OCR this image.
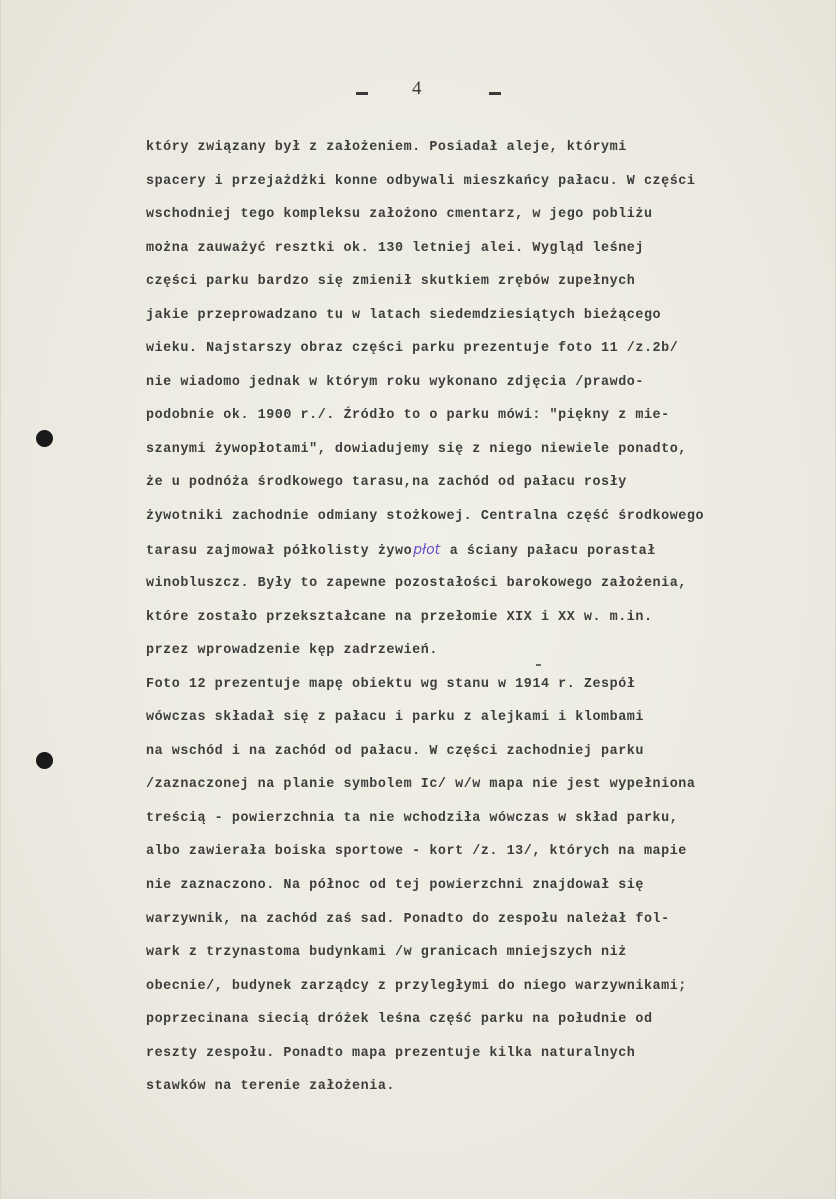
4
który związany był z założeniem. Posiadał aleje, którymi
spacery i przejażdżki konne odbywali mieszkańcy pałacu. W części
wschodniej tego kompleksu założono cmentarz, w jego pobliżu
można zauważyć resztki ok. 130 letniej alei. Wygląd leśnej
części parku bardzo się zmienił skutkiem zrębów zupełnych
jakie przeprowadzano tu w latach siedemdziesiątych bieżącego
wieku. Najstarszy obraz części parku prezentuje foto 11 /z.2b/
nie wiadomo jednak w którym roku wykonano zdjęcia /prawdo-
podobnie ok. 1900 r./. Źródło to o parku mówi: "piękny z mie-
szanymi żywopłotami", dowiadujemy się z niego niewiele ponadto,
że u podnóża środkowego tarasu,na zachód od pałacu rosły
żywotniki zachodnie odmiany stożkowej. Centralna część środkowego
tarasu zajmował półkolisty żywopłot a ściany pałacu porastał
winobluszcz. Były to zapewne pozostałości barokowego założenia,
które zostało przekształcane na przełomie XIX i XX w. m.in.
przez wprowadzenie kęp zadrzewień.
Foto 12 prezentuje mapę obiektu wg stanu w 1914 r. Zespół
wówczas składał się z pałacu i parku z alejkami i klombami
na wschód i na zachód od pałacu. W części zachodniej parku
/zaznaczonej na planie symbolem Ic/ w/w mapa nie jest wypełniona
treścią - powierzchnia ta nie wchodziła wówczas w skład parku,
albo zawierała boiska sportowe - kort /z. 13/, których na mapie
nie zaznaczono. Na północ od tej powierzchni znajdował się
warzywnik, na zachód zaś sad. Ponadto do zespołu należał fol-
wark z trzynastoma budynkami /w granicach mniejszych niż
obecnie/, budynek zarządcy z przyległymi do niego warzywnikami;
poprzecinana siecią dróżek leśna część parku na południe od
reszty zespołu. Ponadto mapa prezentuje kilka naturalnych
stawków na terenie założenia.
